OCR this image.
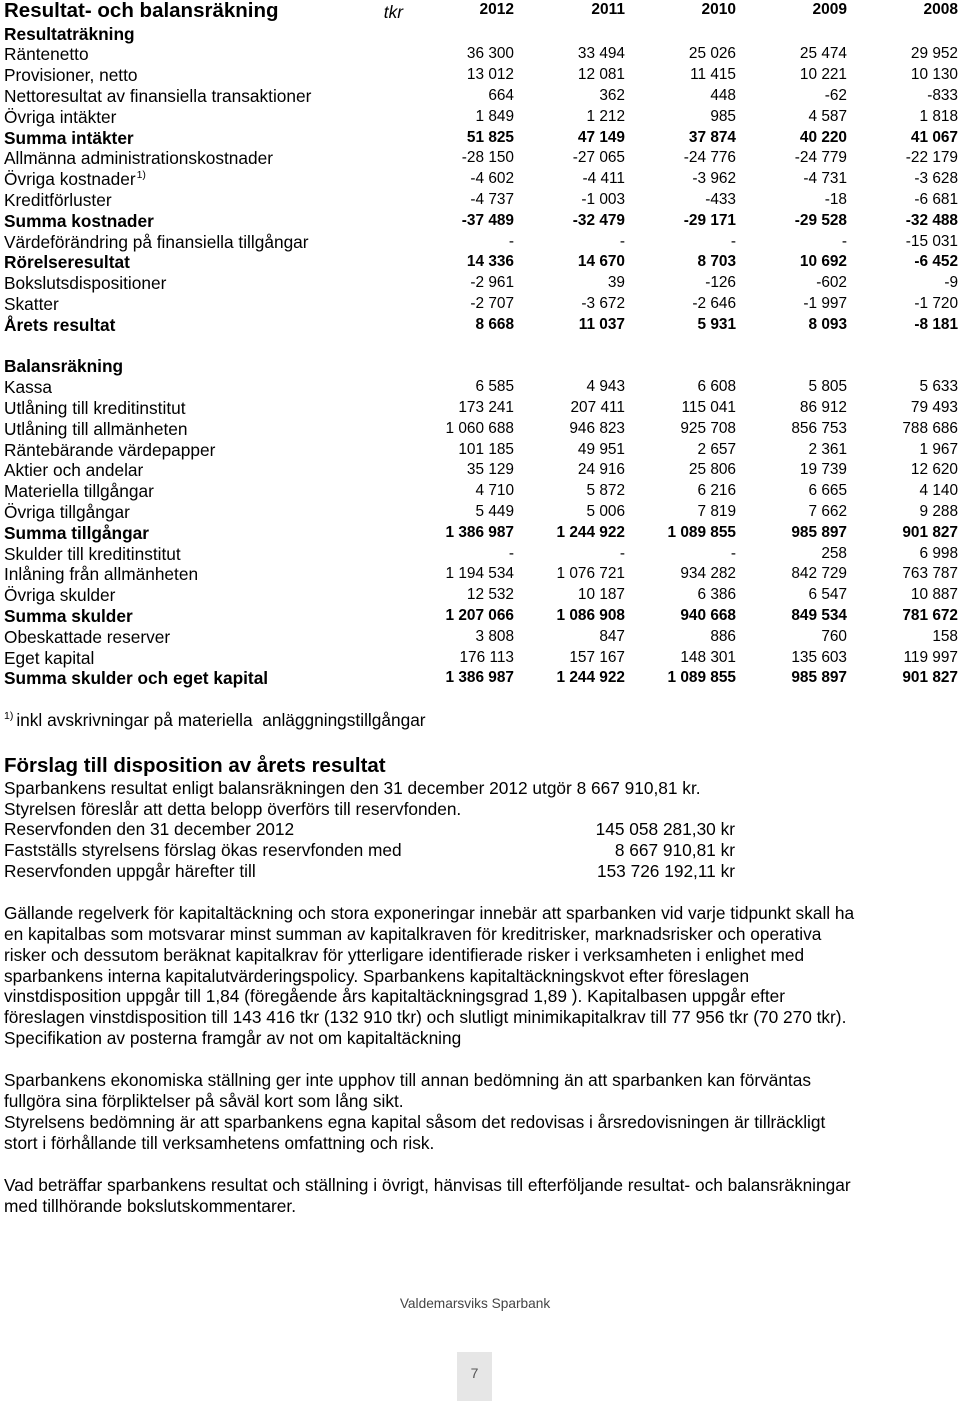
Resultat- och balansräkning	tkr	2012	2011	2010	2009	2008
Resultaträkning
Räntenetto	36 300	33 494	25 026	25 474	29 952
Provisioner, netto	13 012	12 081	11 415	10 221	10 130
Nettoresultat av finansiella transaktioner	664	362	448	-62	-833
Övriga intäkter	1 849	1 212	985	4 587	1 818
Summa intäkter	51 825	47 149	37 874	40 220	41 067
Allmänna administrationskostnader	-28 150	-27 065	-24 776	-24 779	-22 179
Övriga kostnader$^{1)}$	-4 602	-4 411	-3 962	-4 731	-3 628
Kreditförluster	-4 737	-1 003	-433	-18	-6 681
Summa kostnader	-37 489	-32 479	-29 171	-29 528	-32 488
Värdeförändring på finansiella tillgångar	-	-	-	-	-15 031
Rörelseresultat	14 336	14 670	8 703	10 692	-6 452
Bokslutsdispositioner	-2 961	39	-126	-602	-9
Skatter	-2 707	-3 672	-2 646	-1 997	-1 720
Årets resultat	8 668	11 037	5 931	8 093	-8 181
Balansräkning
Kassa	6 585	4 943	6 608	5 805	5 633
Utlåning till kreditinstitut	173 241	207 411	115 041	86 912	79 493
Utlåning till allmänheten	1 060 688	946 823	925 708	856 753	788 686
Räntebärande värdepapper	101 185	49 951	2 657	2 361	1 967
Aktier och andelar	35 129	24 916	25 806	19 739	12 620
Materiella tillgångar	4 710	5 872	6 216	6 665	4 140
Övriga tillgångar	5 449	5 006	7 819	7 662	9 288
Summa tillgångar	1 386 987	1 244 922	1 089 855	985 897	901 827
Skulder till kreditinstitut	-	-	-	258	6 998
Inlåning från allmänheten	1 194 534	1 076 721	934 282	842 729	763 787
Övriga skulder	12 532	10 187	6 386	6 547	10 887
Summa skulder	1 207 066	1 086 908	940 668	849 534	781 672
Obeskattade reserver	3 808	847	886	760	158
Eget kapital	176 113	157 167	148 301	135 603	119 997
Summa skulder och eget kapital	1 386 987	1 244 922	1 089 855	985 897	901 827
$^{1)}$ inkl avskrivningar på materiella  anläggningstillgångar
Förslag till disposition av årets resultat
Sparbankens resultat enligt balansräkningen den 31 december 2012 utgör 8 667 910,81 kr.
Styrelsen föreslår att detta belopp överförs till reservfonden.
Reservfonden den 31 december 2012	145 058 281,30 kr
Fastställs styrelsens förslag ökas reservfonden med	8 667 910,81 kr
Reservfonden uppgår härefter till	153 726 192,11 kr
Gällande regelverk för kapitaltäckning och stora exponeringar innebär att sparbanken vid varje tidpunkt skall ha
en kapitalbas som motsvarar minst summan av kapitalkraven för kreditrisker, marknadsrisker och operativa
risker och dessutom beräknat kapitalkrav för ytterligare identifierade risker i verksamheten i enlighet med
sparbankens interna kapitalutvärderingspolicy. Sparbankens kapitaltäckningskvot efter föreslagen
vinstdisposition uppgår till 1,84 (föregående års kapitaltäckningsgrad 1,89 ). Kapitalbasen uppgår efter
föreslagen vinstdisposition till 143 416 tkr (132 910 tkr) och slutligt minimikapitalkrav till 77 956 tkr (70 270 tkr).
Specifikation av posterna framgår av not om kapitaltäckning
Sparbankens ekonomiska ställning ger inte upphov till annan bedömning än att sparbanken kan förväntas
fullgöra sina förpliktelser på såväl kort som lång sikt.
Styrelsens bedömning är att sparbankens egna kapital såsom det redovisas i årsredovisningen är tillräckligt
stort i förhållande till verksamhetens omfattning och risk.
Vad beträffar sparbankens resultat och ställning i övrigt, hänvisas till efterföljande resultat- och balansräkningar
med tillhörande bokslutskommentarer.
Valdemarsviks Sparbank
7
